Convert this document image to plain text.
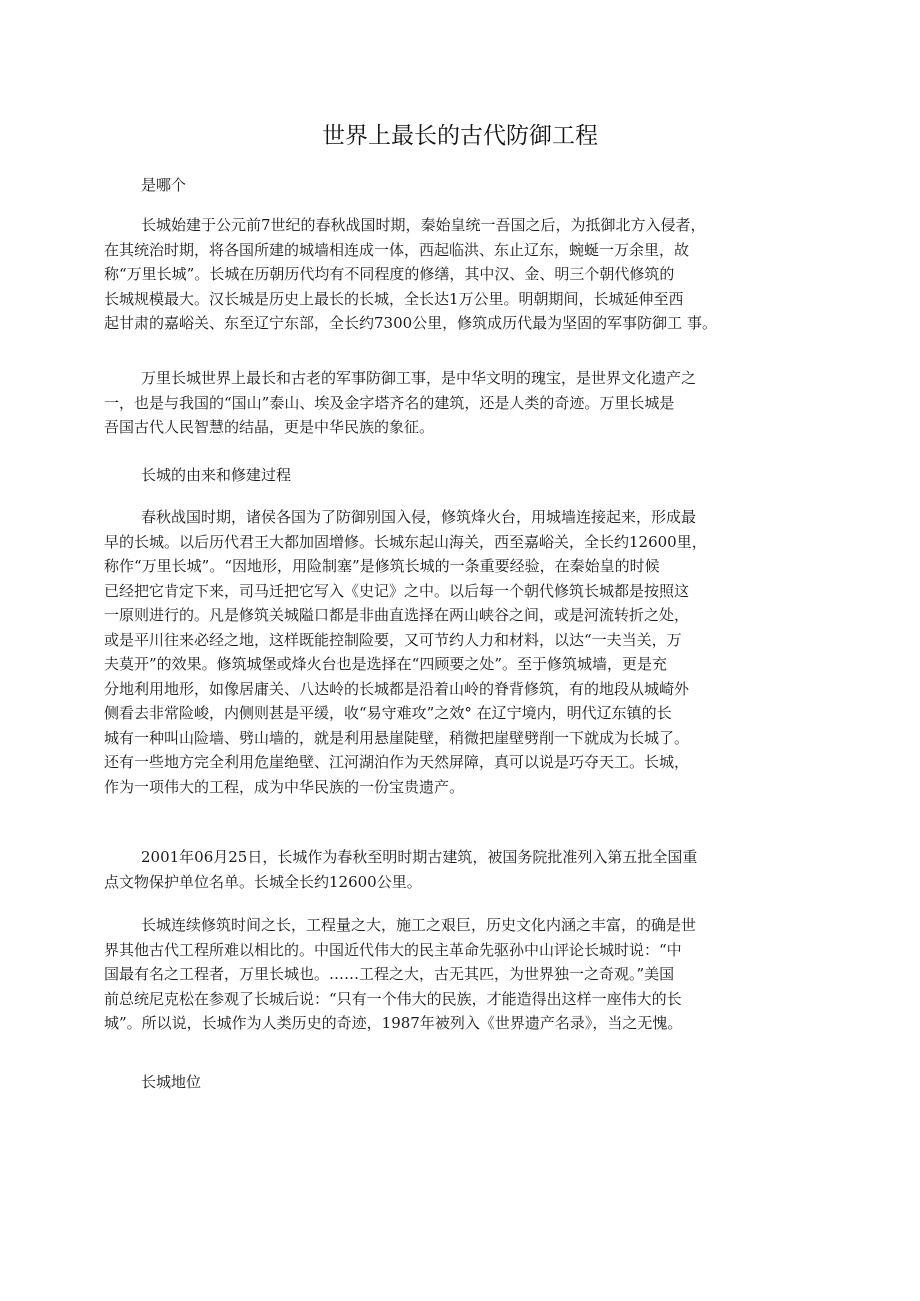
世界上最长的古代防御工程

是哪个

长城始建于公元前7世纪的春秋战国时期，秦始皇统一吾国之后，为抵御北方入侵者，
在其统治时期，将各国所建的城墙相连成一体，西起临洪、东止辽东，蜿蜒一万余里，故
称“万里长城”。长城在历朝历代均有不同程度的修缮，其中汉、金、明三个朝代修筑的
长城规模最大。汉长城是历史上最长的长城，全长达1万公里。明朝期间，长城延伸至西
起甘肃的嘉峪关、东至辽宁东部，全长约7300公里，修筑成历代最为坚固的军事防御工 事。
万里长城世界上最长和古老的军事防御工事，是中华文明的瑰宝，是世界文化遗产之
一，也是与我国的“国山”泰山、埃及金字塔齐名的建筑，还是人类的奇迹。万里长城是
吾国古代人民智慧的结晶，更是中华民族的象征。

长城的由来和修建过程

春秋战国时期，诸侯各国为了防御别国入侵，修筑烽火台，用城墙连接起来，形成最
早的长城。以后历代君王大都加固增修。长城东起山海关，西至嘉峪关，全长约12600里，
称作“万里长城”。“因地形，用险制塞”是修筑长城的一条重要经验，在秦始皇的时候
已经把它肯定下来，司马迁把它写入《史记》之中。以后每一个朝代修筑长城都是按照这
一原则进行的。凡是修筑关城隘口都是非曲直选择在两山峡谷之间，或是河流转折之处，
或是平川往来必经之地，这样既能控制险要，又可节约人力和材料，以达“一夫当关，万
夫莫开”的效果。修筑城堡或烽火台也是选择在“四顾要之处”。至于修筑城墙，更是充
分地利用地形，如像居庸关、八达岭的长城都是沿着山岭的脊背修筑，有的地段从城崎外
侧看去非常险峻，内侧则甚是平缓，收“易守难攻”之效° 在辽宁境内，明代辽东镇的长
城有一种叫山险墙、劈山墙的，就是利用悬崖陡壁，稍微把崖壁劈削一下就成为长城了。
还有一些地方完全利用危崖绝壁、江河湖泊作为天然屏障，真可以说是巧夺天工。长城，
作为一项伟大的工程，成为中华民族的一份宝贵遗产。
2001年06月25日，长城作为春秋至明时期古建筑，被国务院批准列入第五批全国重
点文物保护单位名单。长城全长约12600公里。
长城连续修筑时间之长，工程量之大，施工之艰巨，历史文化内涵之丰富，的确是世
界其他古代工程所难以相比的。中国近代伟大的民主革命先驱孙中山评论长城时说：“中
国最有名之工程者，万里长城也。……工程之大，古无其匹，为世界独一之奇观。”美国
前总统尼克松在参观了长城后说：“只有一个伟大的民族，才能造得出这样一座伟大的长
城”。所以说，长城作为人类历史的奇迹，1987年被列入《世界遗产名录》，当之无愧。

长城地位
